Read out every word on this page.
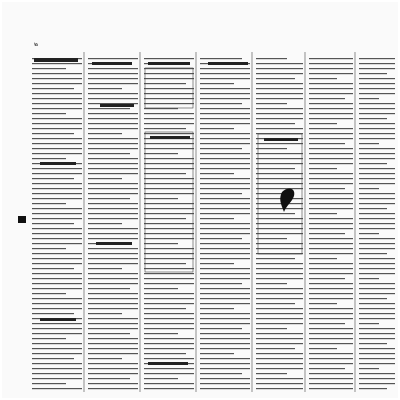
๒
